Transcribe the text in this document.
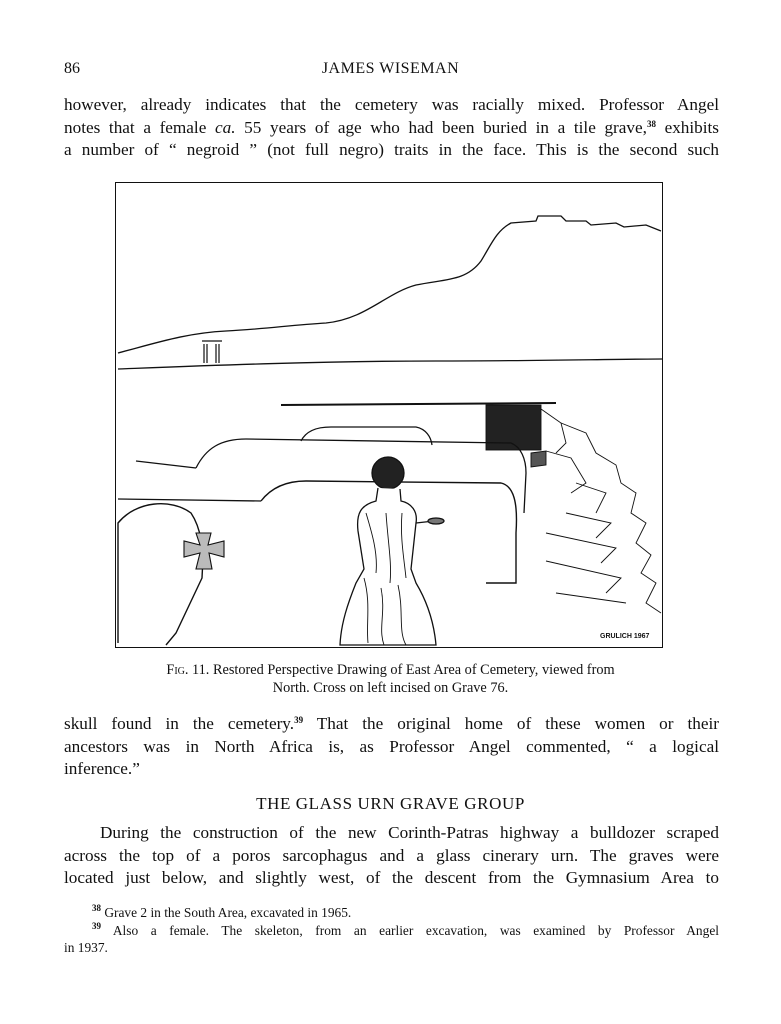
86	JAMES WISEMAN

however, already indicates that the cemetery was racially mixed. Professor Angel
notes that a female ca. 55 years of age who had been buried in a tile grave,$^{38}$ exhibits
a number of “ negroid ” (not full negro) traits in the face. This is the second such

GRULICH 1967
Fig. 11. Restored Perspective Drawing of East Area of Cemetery, viewed from
North. Cross on left incised on Grave 76.

skull found in the cemetery.$^{39}$ That the original home of these women or their
ancestors was in North Africa is, as Professor Angel commented, “ a logical
inference.”

THE GLASS URN GRAVE GROUP

During the construction of the new Corinth-Patras highway a bulldozer scraped
across the top of a poros sarcophagus and a glass cinerary urn. The graves were
located just below, and slightly west, of the descent from the Gymnasium Area to

$^{38}$ Grave 2 in the South Area, excavated in 1965.
$^{39}$ Also a female. The skeleton, from an earlier excavation, was examined by Professor Angel
in 1937.
